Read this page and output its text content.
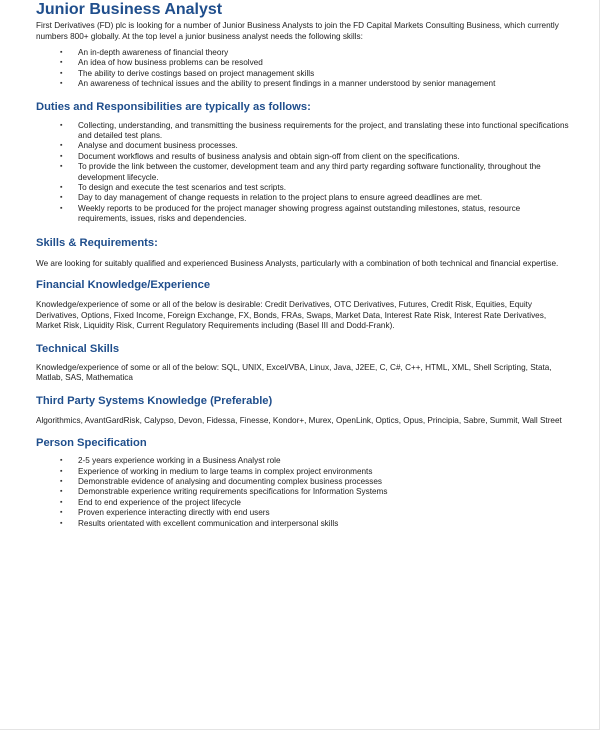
Junior Business Analyst

First Derivatives (FD) plc is looking for a number of Junior Business Analysts to join the FD Capital Markets Consulting Business, which currently numbers 800+ globally. At the top level a junior business analyst needs the following skills:

▪ An in-depth awareness of financial theory
▪ An idea of how business problems can be resolved
▪ The ability to derive costings based on project management skills
▪ An awareness of technical issues and the ability to present findings in a manner understood by senior management
Duties and Responsibilities are typically as follows:
▪ Collecting, understanding, and transmitting the business requirements for the project, and translating these into functional specifications and detailed test plans.
▪ Analyse and document business processes.
▪ Document workflows and results of business analysis and obtain sign-off from client on the specifications.
▪ To provide the link between the customer, development team and any third party regarding software functionality, throughout the development lifecycle.
▪ To design and execute the test scenarios and test scripts.
▪ Day to day management of change requests in relation to the project plans to ensure agreed deadlines are met.
▪ Weekly reports to be produced for the project manager showing progress against outstanding milestones, status, resource requirements, issues, risks and dependencies.
Skills & Requirements:

We are looking for suitably qualified and experienced Business Analysts, particularly with a combination of both technical and financial expertise.

Financial Knowledge/Experience

Knowledge/experience of some or all of the below is desirable: Credit Derivatives, OTC Derivatives, Futures, Credit Risk, Equities, Equity Derivatives, Options, Fixed Income, Foreign Exchange, FX, Bonds, FRAs, Swaps, Market Data, Interest Rate Risk, Interest Rate Derivatives, Market Risk, Liquidity Risk, Current Regulatory Requirements including (Basel III and Dodd-Frank).

Technical Skills

Knowledge/experience of some or all of the below: SQL, UNIX, Excel/VBA, Linux, Java, J2EE, C, C#, C++, HTML, XML, Shell Scripting, Stata, Matlab, SAS, Mathematica

Third Party Systems Knowledge (Preferable)

Algorithmics, AvantGardRisk, Calypso, Devon, Fidessa, Finesse, Kondor+, Murex, OpenLink, Optics, Opus, Principia, Sabre, Summit, Wall Street

Person Specification
▪ 2-5 years experience working in a Business Analyst role
▪ Experience of working in medium to large teams in complex project environments
▪ Demonstrable evidence of analysing and documenting complex business processes
▪ Demonstrable experience writing requirements specifications for Information Systems
▪ End to end experience of the project lifecycle
▪ Proven experience interacting directly with end users
▪ Results orientated with excellent communication and interpersonal skills
